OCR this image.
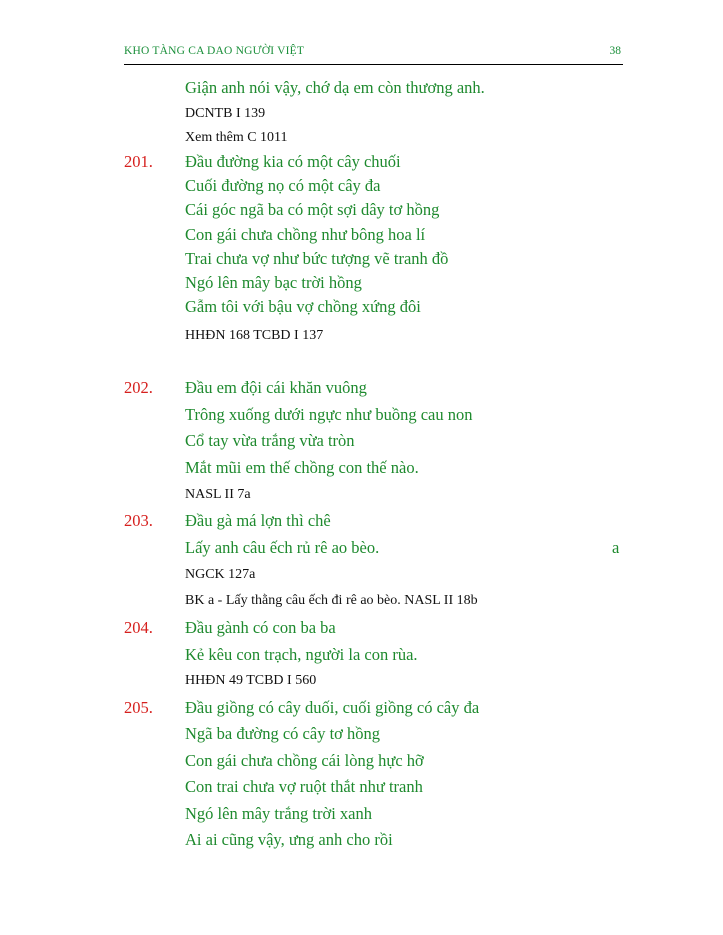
KHO TÀNG CA DAO NGƯỜI VIỆT	38
Giận anh nói vậy, chớ dạ em còn thương anh.
DCNTB I 139
Xem thêm C 1011
201. Đầu đường kia có một cây chuối
Cuối đường nọ có một cây đa
Cái góc ngã ba có một sợi dây tơ hồng
Con gái chưa chồng như bông hoa lí
Trai chưa vợ như bức tượng vẽ tranh đồ
Ngó lên mây bạc trời hồng
Gẫm tôi với bậu vợ chồng xứng đôi
HHĐN 168 TCBD I 137
202. Đầu em đội cái khăn vuông
Trông xuống dưới ngực như buồng cau non
Cổ tay vừa trắng vừa tròn
Mắt mũi em thế chồng con thế nào.
NASL II 7a
203. Đầu gà má lợn thì chê
Lấy anh câu ếch rủ rê ao bèo.	a
NGCK 127a
BK a - Lấy thằng câu ếch đi rê ao bèo. NASL II 18b
204. Đầu gành có con ba ba
Kẻ kêu con trạch, người la con rùa.
HHĐN 49 TCBD I 560
205. Đầu giồng có cây duối, cuối giồng có cây đa
Ngã ba đường có cây tơ hồng
Con gái chưa chồng cái lòng hực hỡ
Con trai chưa vợ ruột thắt như tranh
Ngó lên mây trắng trời xanh
Ai ai cũng vậy, ưng anh cho rồi
